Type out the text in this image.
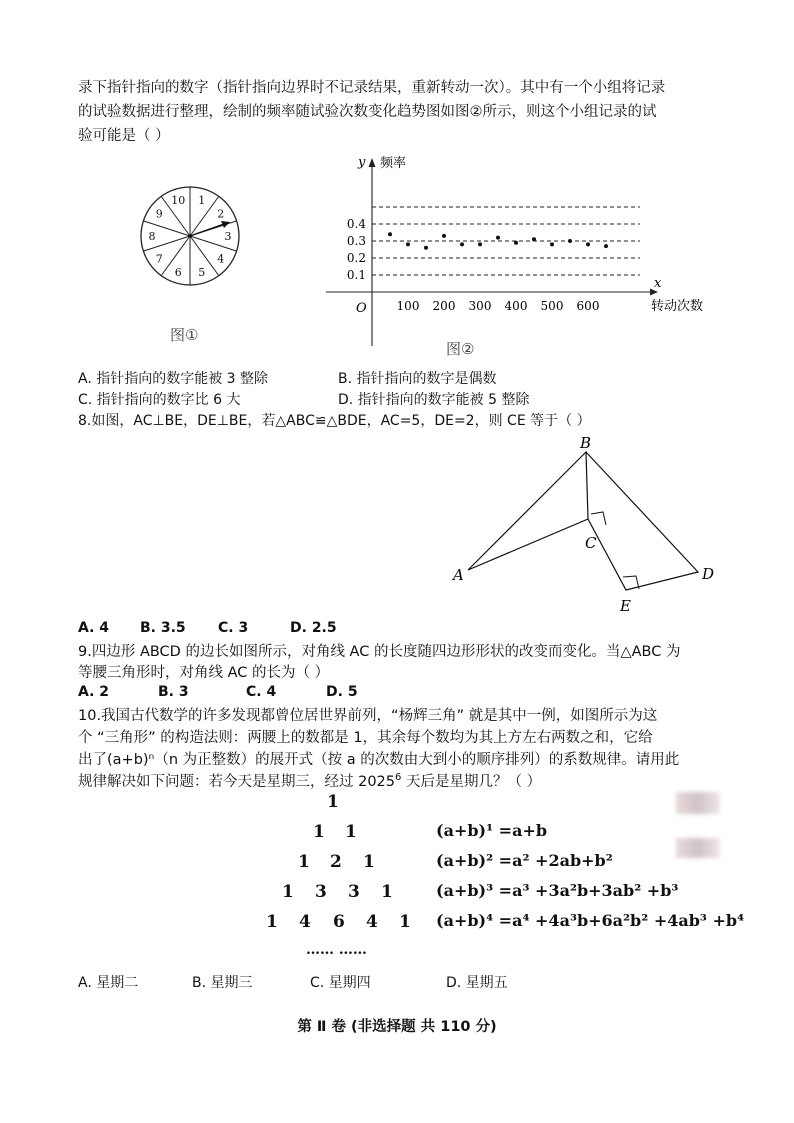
录下指针指向的数字（指针指向边界时不记录结果，重新转动一次）。其中有一个小组将记录
的试验数据进行整理，绘制的频率随试验次数变化趋势图如图②所示，则这个小组记录的试
验可能是（ ）
1
2
3
4
5
6
7
8
9
10
图①
y 频率
x
转动次数
O
0.1
0.2
0.3
0.4
100 200 300 400 500 600
图②
A. 指针指向的数字能被 3 整除	B. 指针指向的数字是偶数
C. 指针指向的数字比 6 大	D. 指针指向的数字能被 5 整除
8.如图，AC⊥BE，DE⊥BE，若△ABC≌△BDE，AC=5，DE=2，则 CE 等于（ ）
B
C
A	D
E
A. 4 B. 3.5 C. 3	D. 2.5
9.四边形 ABCD 的边长如图所示，对角线 AC 的长度随四边形形状的改变而变化。当△ABC 为
等腰三角形时，对角线 AC 的长为（ ）
A. 2	B. 3	C. 4	D. 5
10.我国古代数学的许多发现都曾位居世界前列，“杨辉三角” 就是其中一例，如图所示为这
个 “三角形” 的构造法则：两腰上的数都是 1，其余每个数均为其上方左右两数之和，它给
出了(a+b)ⁿ（n 为正整数）的展开式（按 a 的次数由大到小的顺序排列）的系数规律。请用此
规律解决如下问题：若今天是星期三，经过 2025$^6$ 天后是星期几？（ ）
1
1 1
1 2 1
1 3 3 1
1 4 6 4 1
…… ……
(a+b)¹ =a+b
(a+b)² =a² +2ab+b²
(a+b)³ =a³ +3a²b+3ab² +b³
(a+b)⁴ =a⁴ +4a³b+6a²b² +4ab³ +b⁴
A. 星期二	B. 星期三	C. 星期四	D. 星期五
第 Ⅱ 卷 (非选择题 共 110 分)
